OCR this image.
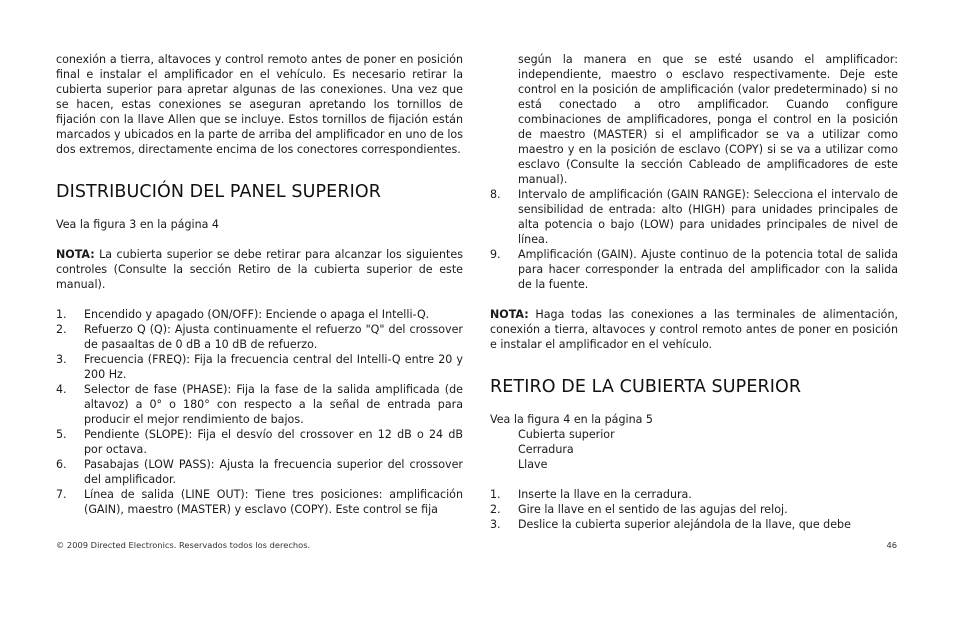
conexión a tierra, altavoces y control remoto antes de poner en posición final e instalar el amplificador en el vehículo. Es necesario retirar la cubierta superior para apretar algunas de las conexiones. Una vez que se hacen, estas conexiones se aseguran apretando los tornillos de fijación con la llave Allen que se incluye. Estos tornillos de fijación están marcados y ubicados en la parte de arriba del amplificador en uno de los dos extremos, directamente encima de los conectores correspondientes.

DISTRIBUCIÓN DEL PANEL SUPERIOR

Vea la figura 3 en la página 4

NOTA: La cubierta superior se debe retirar para alcanzar los siguientes controles (Consulte la sección Retiro de la cubierta superior de este manual).

1.	Encendido y apagado (ON/OFF): Enciende o apaga el Intelli-Q.
2.	Refuerzo Q (Q): Ajusta continuamente el refuerzo "Q" del crossover de pasaaltas de 0 dB a 10 dB de refuerzo.
3.	Frecuencia (FREQ): Fija la frecuencia central del Intelli-Q entre 20 y 200 Hz.
4.	Selector de fase (PHASE): Fija la fase de la salida amplificada (de altavoz) a 0° o 180° con respecto a la señal de entrada para producir el mejor rendimiento de bajos.
5.	Pendiente (SLOPE): Fija el desvío del crossover en 12 dB o 24 dB por octava.
6.	Pasabajas (LOW PASS): Ajusta la frecuencia superior del crossover del amplificador.
7.	Línea de salida (LINE OUT): Tiene tres posiciones: amplificación (GAIN), maestro (MASTER) y esclavo (COPY). Este control se fija

según la manera en que se esté usando el amplificador: independiente, maestro o esclavo respectivamente. Deje este control en la posición de amplificación (valor predeterminado) si no está conectado a otro amplificador. Cuando configure combinaciones de amplificadores, ponga el control en la posición de maestro (MASTER) si el amplificador se va a utilizar como maestro y en la posición de esclavo (COPY) si se va a utilizar como esclavo (Consulte la sección Cableado de amplificadores de este manual).

8.	Intervalo de amplificación (GAIN RANGE): Selecciona el intervalo de sensibilidad de entrada: alto (HIGH) para unidades principales de alta potencia o bajo (LOW) para unidades principales de nivel de línea.
9.	Amplificación (GAIN). Ajuste continuo de la potencia total de salida para hacer corresponder la entrada del amplificador con la salida de la fuente.

NOTA: Haga todas las conexiones a las terminales de alimentación, conexión a tierra, altavoces y control remoto antes de poner en posición e instalar el amplificador en el vehículo.

RETIRO DE LA CUBIERTA SUPERIOR

Vea la figura 4 en la página 5

Cubierta superior
Cerradura
Llave
1.	Inserte la llave en la cerradura.
2.	Gire la llave en el sentido de las agujas del reloj.
3.	Deslice la cubierta superior alejándola de la llave, que debe
© 2009 Directed Electronics. Reservados todos los derechos.	46
